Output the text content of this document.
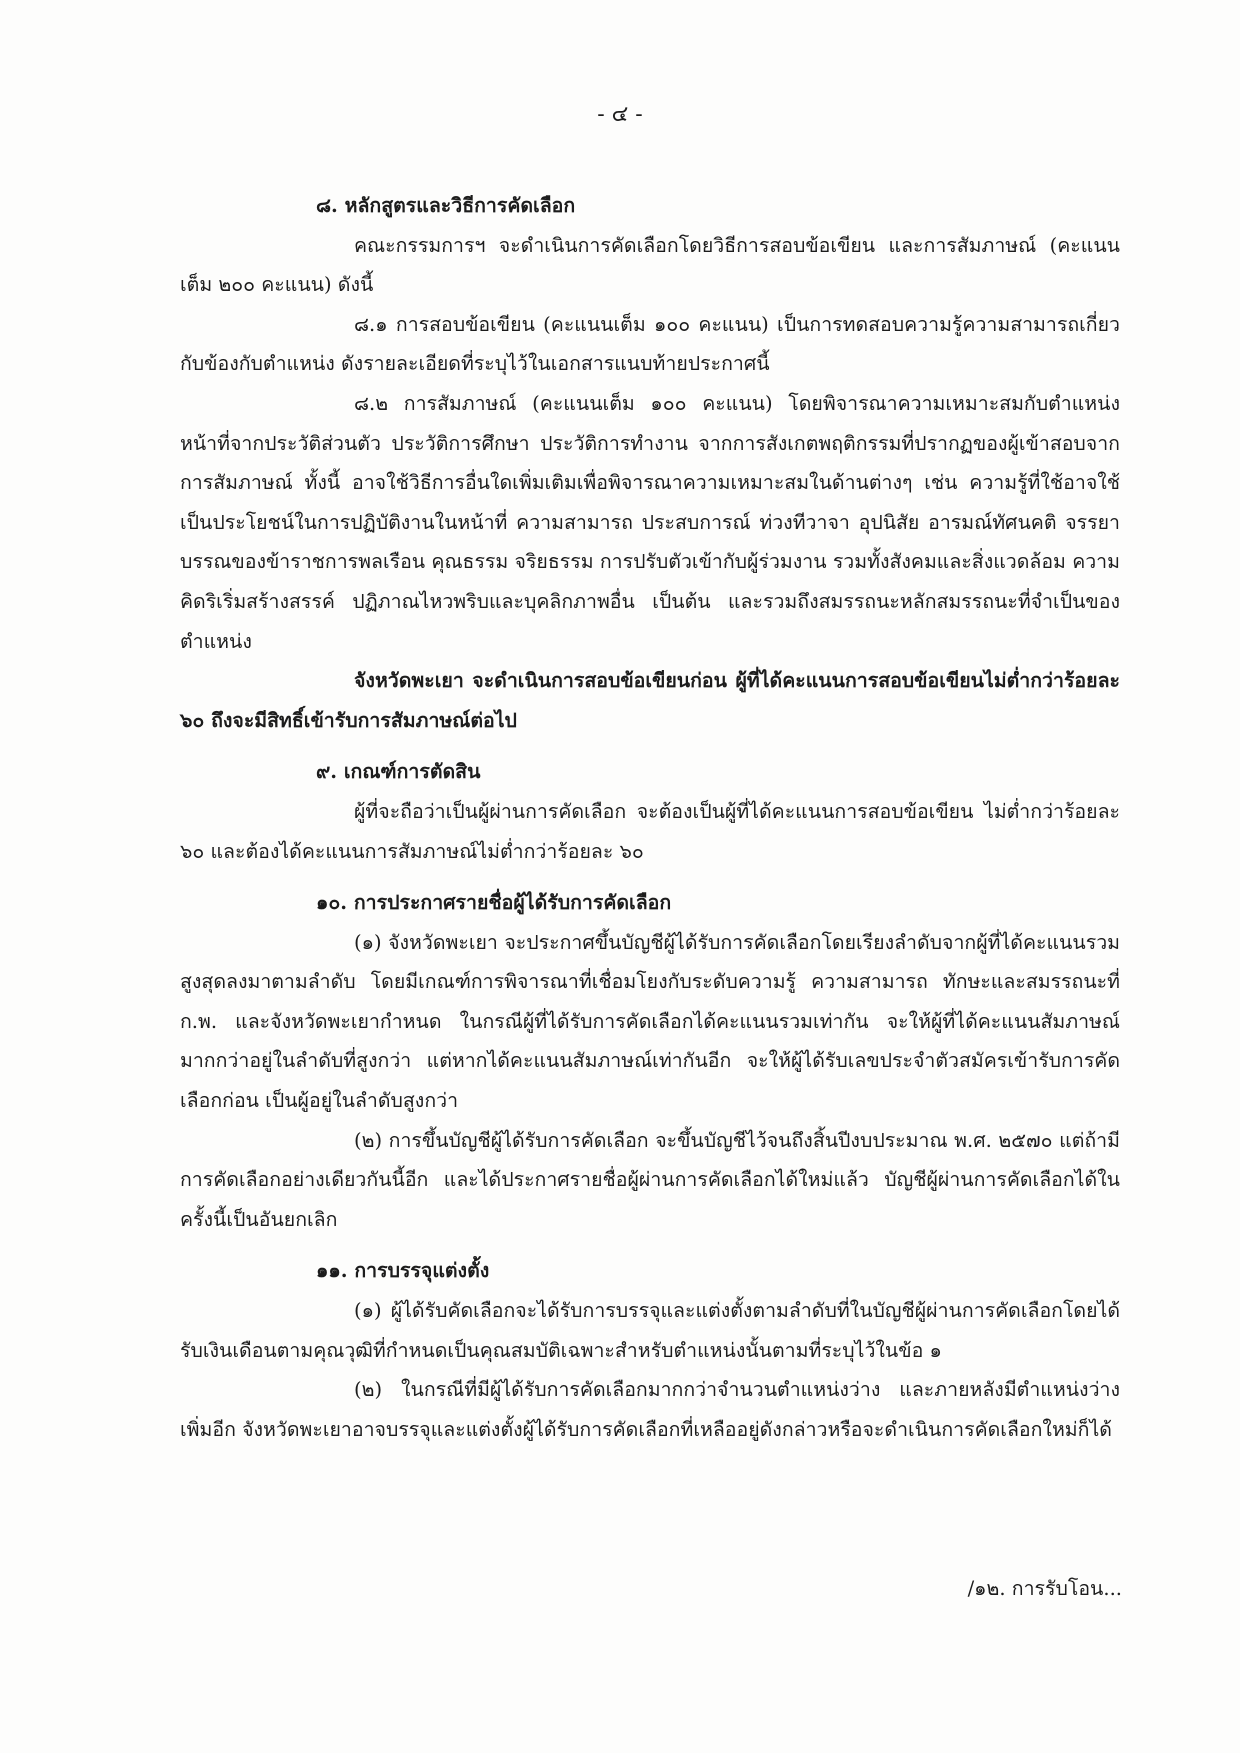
- ๔ -

๘. หลักสูตรและวิธีการคัดเลือก

คณะกรรมการฯ จะดำเนินการคัดเลือกโดยวิธีการสอบข้อเขียน และการสัมภาษณ์ (คะแนนเต็ม ๒๐๐ คะแนน) ดังนี้

๘.๑ การสอบข้อเขียน (คะแนนเต็ม ๑๐๐ คะแนน) เป็นการทดสอบความรู้ความสามารถเกี่ยวกับข้องกับตำแหน่ง ดังรายละเอียดที่ระบุไว้ในเอกสารแนบท้ายประกาศนี้

๘.๒ การสัมภาษณ์ (คะแนนเต็ม ๑๐๐ คะแนน) โดยพิจารณาความเหมาะสมกับตำแหน่งหน้าที่จากประวัติส่วนตัว ประวัติการศึกษา ประวัติการทำงาน จากการสังเกตพฤติกรรมที่ปรากฏของผู้เข้าสอบจากการสัมภาษณ์ ทั้งนี้ อาจใช้วิธีการอื่นใดเพิ่มเติมเพื่อพิจารณาความเหมาะสมในด้านต่างๆ เช่น ความรู้ที่ใช้อาจใช้เป็นประโยชน์ในการปฏิบัติงานในหน้าที่ ความสามารถ ประสบการณ์ ท่วงทีวาจา อุปนิสัย อารมณ์ทัศนคติ จรรยาบรรณของข้าราชการพลเรือน คุณธรรม จริยธรรม การปรับตัวเข้ากับผู้ร่วมงาน รวมทั้งสังคมและสิ่งแวดล้อม ความคิดริเริ่มสร้างสรรค์ ปฏิภาณไหวพริบและบุคลิกภาพอื่น เป็นต้น และรวมถึงสมรรถนะหลักสมรรถนะที่จำเป็นของตำแหน่ง

จังหวัดพะเยา จะดำเนินการสอบข้อเขียนก่อน ผู้ที่ได้คะแนนการสอบข้อเขียนไม่ต่ำกว่าร้อยละ ๖๐ ถึงจะมีสิทธิ์เข้ารับการสัมภาษณ์ต่อไป

๙. เกณฑ์การตัดสิน

ผู้ที่จะถือว่าเป็นผู้ผ่านการคัดเลือก จะต้องเป็นผู้ที่ได้คะแนนการสอบข้อเขียน ไม่ต่ำกว่าร้อยละ ๖๐ และต้องได้คะแนนการสัมภาษณ์ไม่ต่ำกว่าร้อยละ ๖๐

๑๐. การประกาศรายชื่อผู้ได้รับการคัดเลือก

(๑) จังหวัดพะเยา จะประกาศขึ้นบัญชีผู้ได้รับการคัดเลือกโดยเรียงลำดับจากผู้ที่ได้คะแนนรวมสูงสุดลงมาตามลำดับ โดยมีเกณฑ์การพิจารณาที่เชื่อมโยงกับระดับความรู้ ความสามารถ ทักษะและสมรรถนะที่ ก.พ. และจังหวัดพะเยากำหนด ในกรณีผู้ที่ได้รับการคัดเลือกได้คะแนนรวมเท่ากัน จะให้ผู้ที่ได้คะแนนสัมภาษณ์มากกว่าอยู่ในลำดับที่สูงกว่า แต่หากได้คะแนนสัมภาษณ์เท่ากันอีก จะให้ผู้ได้รับเลขประจำตัวสมัครเข้ารับการคัดเลือกก่อน เป็นผู้อยู่ในลำดับสูงกว่า

(๒) การขึ้นบัญชีผู้ได้รับการคัดเลือก จะขึ้นบัญชีไว้จนถึงสิ้นปีงบประมาณ พ.ศ. ๒๕๗๐ แต่ถ้ามีการคัดเลือกอย่างเดียวกันนี้อีก และได้ประกาศรายชื่อผู้ผ่านการคัดเลือกได้ใหม่แล้ว บัญชีผู้ผ่านการคัดเลือกได้ในครั้งนี้เป็นอันยกเลิก

๑๑. การบรรจุแต่งตั้ง

(๑) ผู้ได้รับคัดเลือกจะได้รับการบรรจุและแต่งตั้งตามลำดับที่ในบัญชีผู้ผ่านการคัดเลือกโดยได้รับเงินเดือนตามคุณวุฒิที่กำหนดเป็นคุณสมบัติเฉพาะสำหรับตำแหน่งนั้นตามที่ระบุไว้ในข้อ ๑

(๒) ในกรณีที่มีผู้ได้รับการคัดเลือกมากกว่าจำนวนตำแหน่งว่าง และภายหลังมีตำแหน่งว่างเพิ่มอีก จังหวัดพะเยาอาจบรรจุและแต่งตั้งผู้ได้รับการคัดเลือกที่เหลืออยู่ดังกล่าวหรือจะดำเนินการคัดเลือกใหม่ก็ได้

/๑๒. การรับโอน...
